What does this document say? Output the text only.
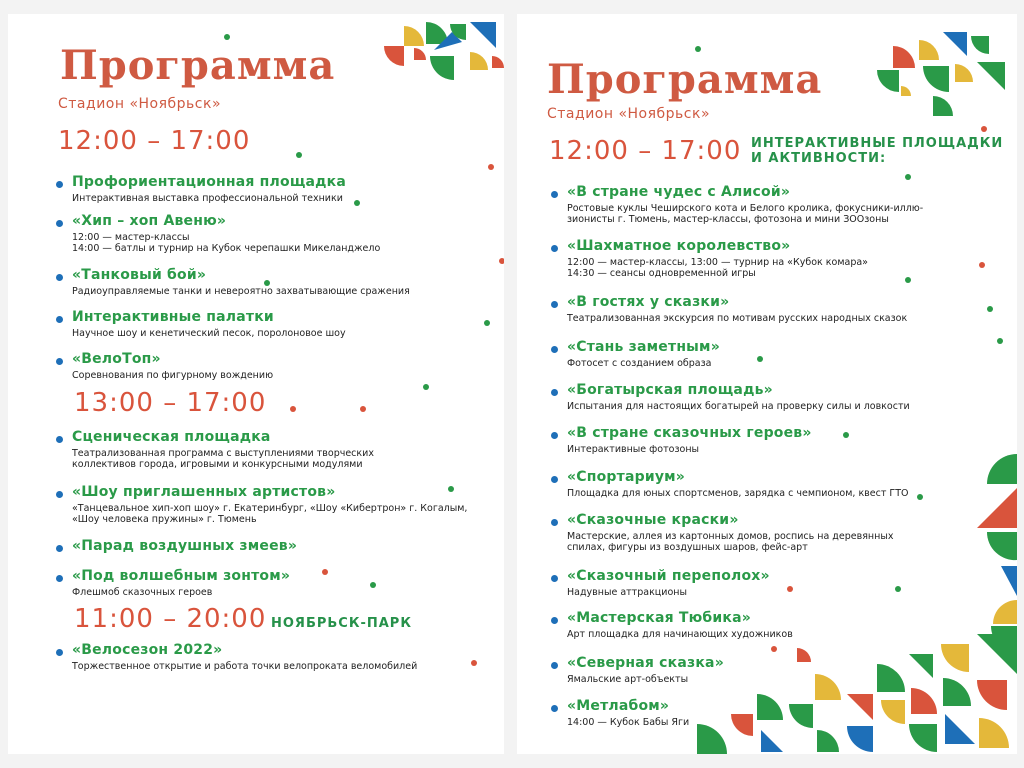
Программа
Стадион «Ноябрьск»
12:00 – 17:00
Профориентационная площадка
Интерактивная выставка профессиональной техники
«Хип – хоп Авеню»
12:00 — мастер-классы
14:00 — батлы и турнир на Кубок черепашки Микеланджело
«Танковый бой»
Радиоуправляемые танки и невероятно захватывающие сражения
Интерактивные палатки
Научное шоу и кенетический песок, поролоновое шоу
«ВелоТоп»
Соревнования по фигурному вождению
13:00 – 17:00
Сценическая площадка
Театрализованная программа с выступлениями творческих
коллективов города, игровыми и конкурсными модулями
«Шоу приглашенных артистов»
«Танцевальное хип-хоп шоу» г. Екатеринбург, «Шоу «Кибертрон» г. Когалым,
«Шоу человека пружины» г. Тюмень
«Парад воздушных змеев»
«Под волшебным зонтом»
Флешмоб сказочных героев
11:00 – 20:00 НОЯБРЬСК-ПАРК
«Велосезон 2022»
Торжественное открытие и работа точки велопроката веломобилей
Программа
Стадион «Ноябрьск»
12:00 – 17:00 ИНТЕРАКТИВНЫЕ ПЛОЩАДКИ
И АКТИВНОСТИ:
«В стране чудес с Алисой»
Ростовые куклы Чеширского кота и Белого кролика, фокусники-иллю-
зионисты г. Тюмень, мастер-классы, фотозона и мини ЗООзоны
«Шахматное королевство»
12:00 — мастер-классы, 13:00 — турнир на «Кубок комара»
14:30 — сеансы одновременной игры
«В гостях у сказки»
Театрализованная экскурсия по мотивам русских народных сказок
«Стань заметным»
Фотосет с созданием образа
«Богатырская площадь»
Испытания для настоящих богатырей на проверку силы и ловкости
«В стране сказочных героев»
Интерактивные фотозоны
«Спортариум»
Площадка для юных спортсменов, зарядка с чемпионом, квест ГТО
«Сказочные краски»
Мастерские, аллея из картонных домов, роспись на деревянных
спилах, фигуры из воздушных шаров, фейс-арт
«Сказочный переполох»
Надувные аттракционы
«Мастерская Тюбика»
Арт площадка для начинающих художников
«Северная сказка»
Ямальские арт-объекты
«Метлабом»
14:00 — Кубок Бабы Яги
